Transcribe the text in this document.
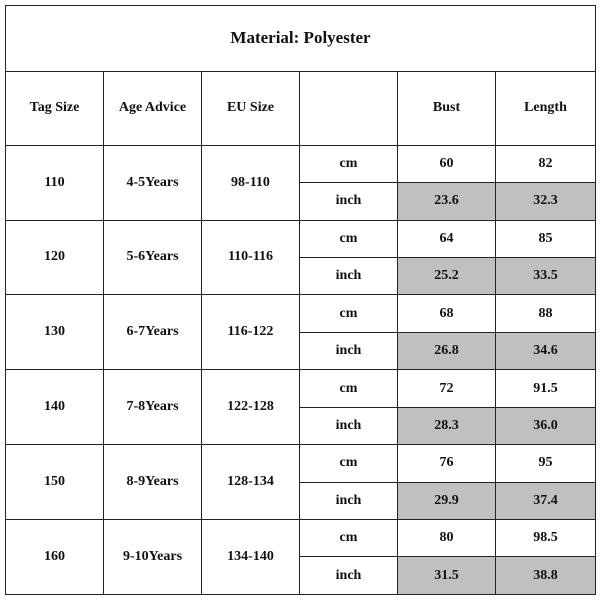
Material: Polyester					
Tag Size	Age Advice	EU Size		Bust	Length
110	4-5Years	98-110	cm	60	82
			inch	23.6	32.3
120	5-6Years	110-116	cm	64	85
			inch	25.2	33.5
130	6-7Years	116-122	cm	68	88
			inch	26.8	34.6
140	7-8Years	122-128	cm	72	91.5
			inch	28.3	36.0
150	8-9Years	128-134	cm	76	95
			inch	29.9	37.4
160	9-10Years	134-140	cm	80	98.5
			inch	31.5	38.8
